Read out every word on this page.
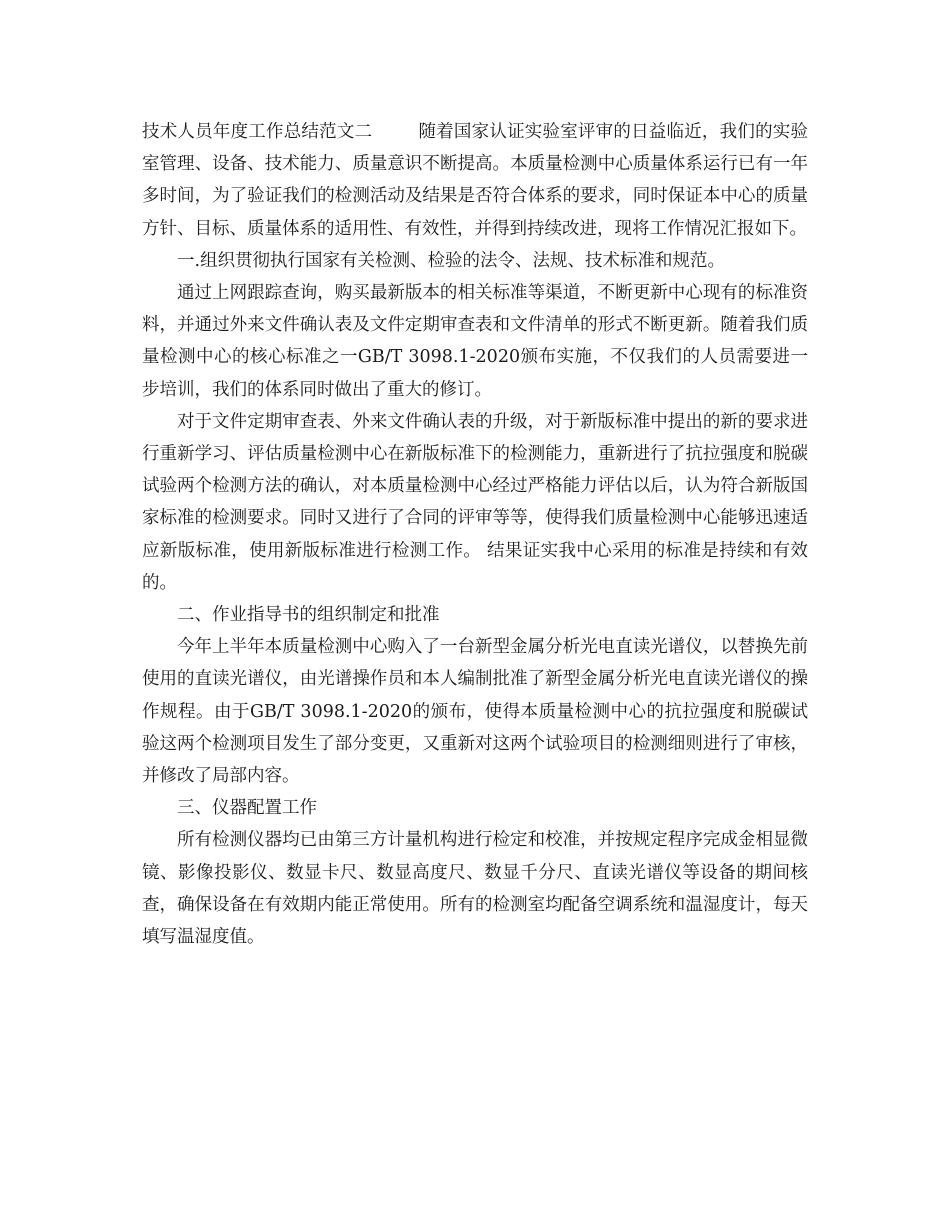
技术人员年度工作总结范文二	随着国家认证实验室评审的日益临近，我们的实验室管理、设备、技术能力、质量意识不断提高。本质量检测中心质量体系运行已有一年多时间，为了验证我们的检测活动及结果是否符合体系的要求，同时保证本中心的质量方针、目标、质量体系的适用性、有效性，并得到持续改进，现将工作情况汇报如下。

一.组织贯彻执行国家有关检测、检验的法令、法规、技术标准和规范。

通过上网跟踪查询，购买最新版本的相关标准等渠道，不断更新中心现有的标准资料，并通过外来文件确认表及文件定期审查表和文件清单的形式不断更新。随着我们质量检测中心的核心标准之一GB/T 3098.1-2020颁布实施，不仅我们的人员需要进一步培训，我们的体系同时做出了重大的修订。

对于文件定期审查表、外来文件确认表的升级，对于新版标准中提出的新的要求进行重新学习、评估质量检测中心在新版标准下的检测能力，重新进行了抗拉强度和脱碳试验两个检测方法的确认，对本质量检测中心经过严格能力评估以后，认为符合新版国家标准的检测要求。同时又进行了合同的评审等等，使得我们质量检测中心能够迅速适应新版标准，使用新版标准进行检测工作。 结果证实我中心采用的标准是持续和有效的。

二、作业指导书的组织制定和批准

今年上半年本质量检测中心购入了一台新型金属分析光电直读光谱仪，以替换先前使用的直读光谱仪，由光谱操作员和本人编制批准了新型金属分析光电直读光谱仪的操作规程。由于GB/T 3098.1-2020的颁布，使得本质量检测中心的抗拉强度和脱碳试验这两个检测项目发生了部分变更，又重新对这两个试验项目的检测细则进行了审核，并修改了局部内容。

三、仪器配置工作

所有检测仪器均已由第三方计量机构进行检定和校准，并按规定程序完成金相显微镜、影像投影仪、数显卡尺、数显高度尺、数显千分尺、直读光谱仪等设备的期间核查，确保设备在有效期内能正常使用。所有的检测室均配备空调系统和温湿度计，每天填写温湿度值。
